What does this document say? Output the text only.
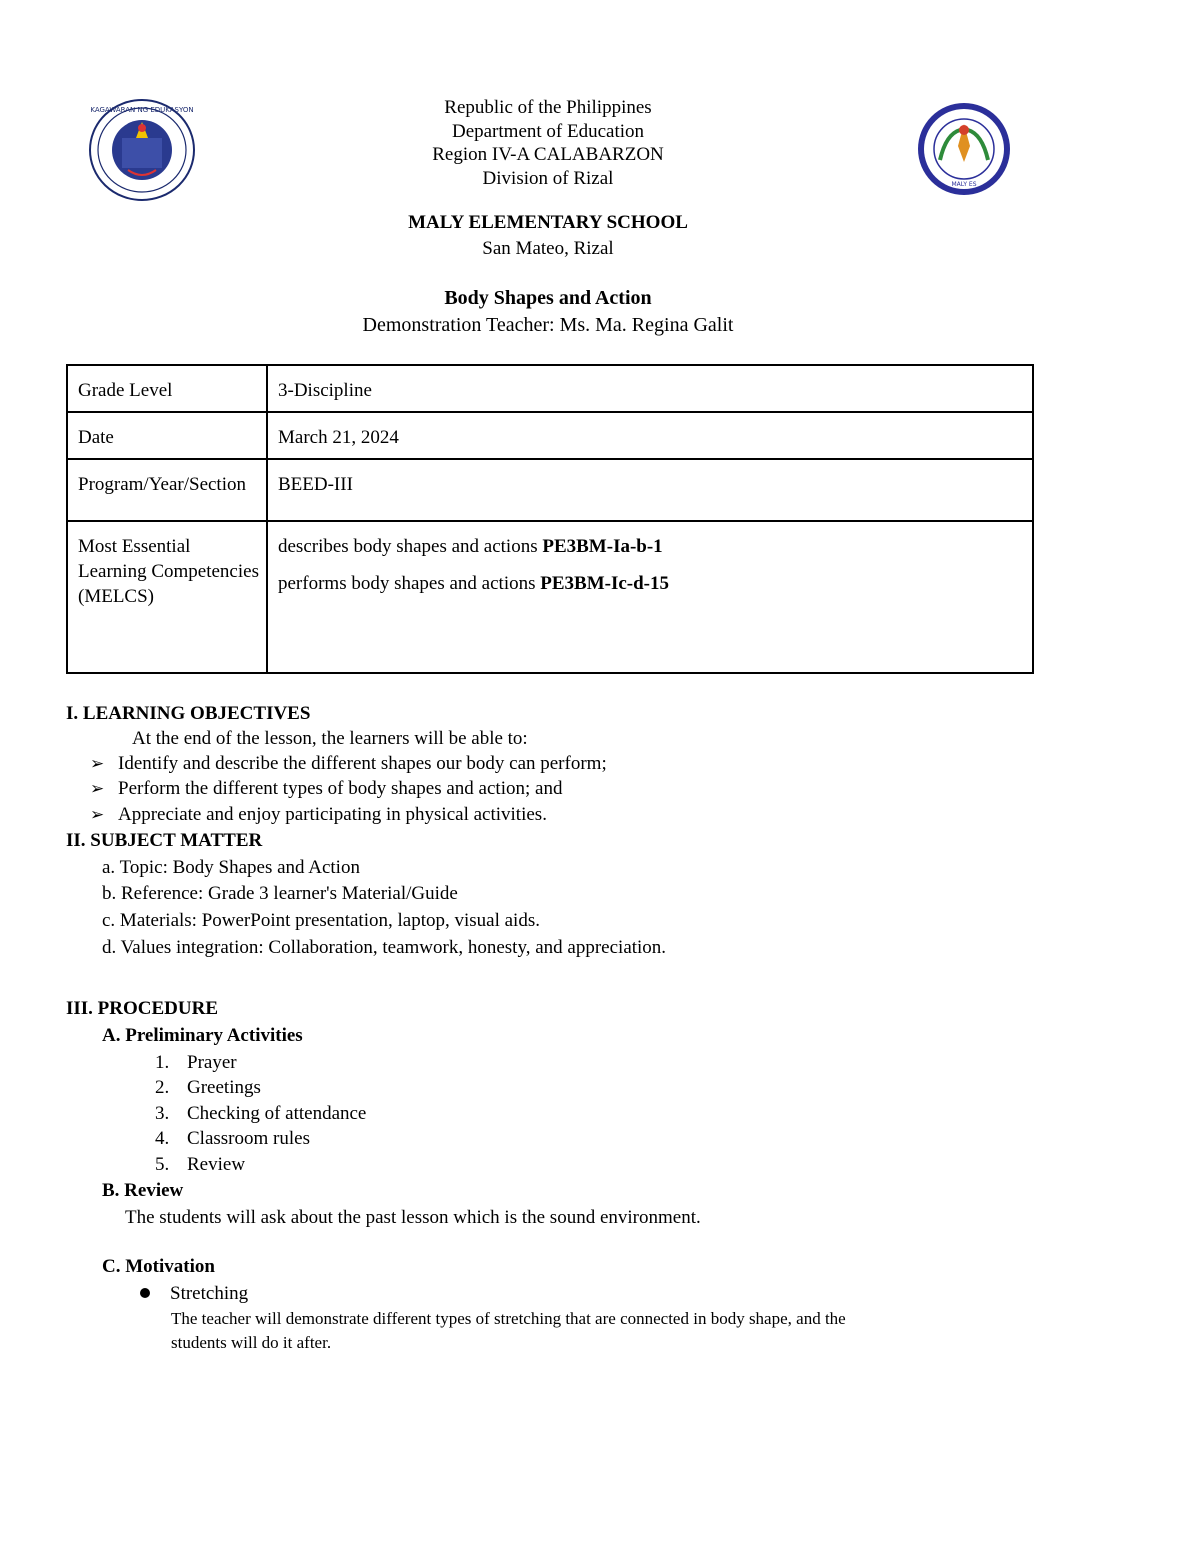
KAGAWARAN NG EDUKASYON
MALY ES
Republic of the Philippines
Department of Education
Region IV-A CALABARZON
Division of Rizal
MALY ELEMENTARY SCHOOL
San Mateo, Rizal
Body Shapes and Action
Demonstration Teacher: Ms. Ma. Regina Galit
Grade Level	3-Discipline
Date	March 21, 2024
Program/Year/Section	BEED-III
Most Essential Learning Competencies (MELCS)	describes body shapes and actions PE3BM-Ia-b-1
performs body shapes and actions PE3BM-Ic-d-15
I. LEARNING OBJECTIVES
At the end of the lesson, the learners will be able to:
➢ Identify and describe the different shapes our body can perform;
➢ Perform the different types of body shapes and action; and
➢ Appreciate and enjoy participating in physical activities.
II. SUBJECT MATTER
a. Topic: Body Shapes and Action
b. Reference: Grade 3 learner's Material/Guide
c. Materials: PowerPoint presentation, laptop, visual aids.
d. Values integration: Collaboration, teamwork, honesty, and appreciation.
III. PROCEDURE
A. Preliminary Activities
1. Prayer
2. Greetings
3. Checking of attendance
4. Classroom rules
5. Review
B. Review
The students will ask about the past lesson which is the sound environment.
C. Motivation
Stretching
The teacher will demonstrate different types of stretching that are connected in body shape, and the
students will do it after.
